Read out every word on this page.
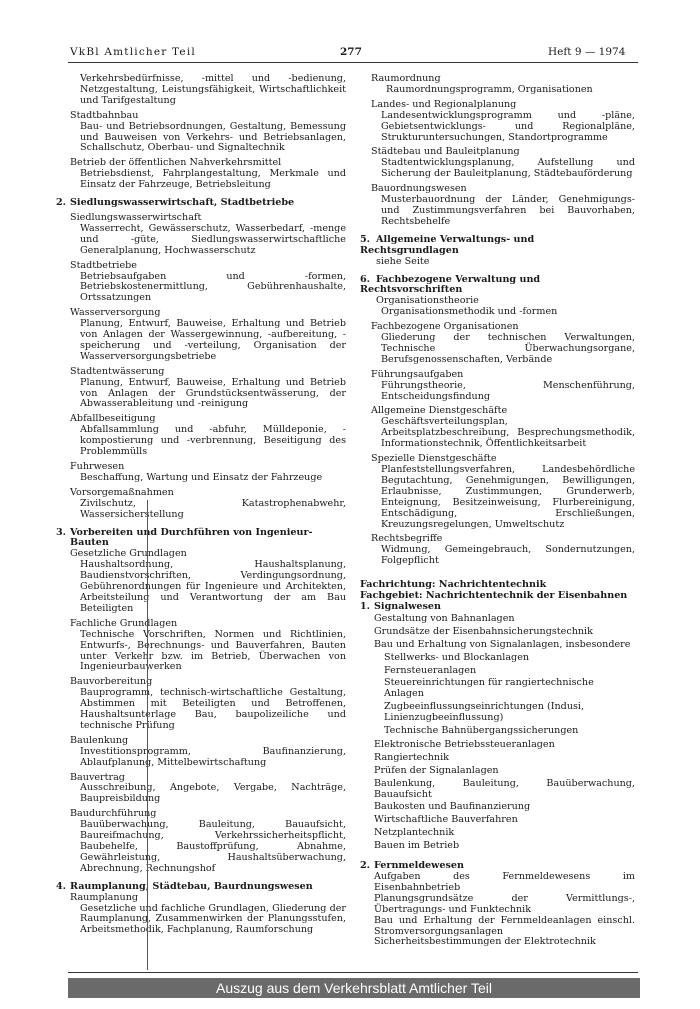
VkBl Amtlicher Teil	277	Heft 9 — 1974
Verkehrsbedürfnisse, -mittel und -bedienung, Netzgestaltung, Leistungsfähigkeit, Wirtschaftlichkeit und Tarifgestaltung
Stadtbahnbau
Bau- und Betriebsordnungen, Gestaltung, Bemessung und Bauweisen von Verkehrs- und Betriebsanlagen, Schallschutz, Oberbau- und Signaltechnik
Betrieb der öffentlichen Nahverkehrsmittel
Betriebsdienst, Fahrplangestaltung, Merkmale und Einsatz der Fahrzeuge, Betriebsleitung
2. Siedlungswasserwirtschaft, Stadtbetriebe
Siedlungswasserwirtschaft
Wasserrecht, Gewässerschutz, Wasserbedarf, -menge und -güte, Siedlungswasserwirtschaftliche Generalplanung, Hochwasserschutz
Stadtbetriebe
Betriebsaufgaben und -formen, Betriebskostenermittlung, Gebührenhaushalte, Ortssatzungen
Wasserversorgung
Planung, Entwurf, Bauweise, Erhaltung und Betrieb von Anlagen der Wassergewinnung, -aufbereitung, -speicherung und -verteilung, Organisation der Wasserversorgungsbetriebe
Stadtentwässerung
Planung, Entwurf, Bauweise, Erhaltung und Betrieb von Anlagen der Grundstücksentwässerung, der Abwasserableitung und -reinigung
Abfallbeseitigung
Abfallsammlung und -abfuhr, Mülldeponie, -kompostierung und -verbrennung, Beseitigung des Problemmülls
Fuhrwesen
Beschaffung, Wartung und Einsatz der Fahrzeuge
Vorsorgemaßnahmen
Zivilschutz, Katastrophenabwehr, Wassersicherstellung
3. Vorbereiten und Durchführen von Ingenieur-Bauten
Gesetzliche Grundlagen
Haushaltsordnung, Haushaltsplanung, Baudienstvorschriften, Verdingungsordnung, Gebührenordnungen für Ingenieure und Architekten, Arbeitsteilung und Verantwortung der am Bau Beteiligten
Fachliche Grundlagen
Technische Vorschriften, Normen und Richtlinien, Entwurfs-, Berechnungs- und Bauverfahren, Bauten unter Verkehr bzw. im Betrieb, Überwachen von Ingenieurbauwerken
Bauvorbereitung
Bauprogramm, technisch-wirtschaftliche Gestaltung, Abstimmen mit Beteiligten und Betroffenen, Haushaltsunterlage Bau, baupolizeiliche und technische Prüfung
Baulenkung
Investitionsprogramm, Baufinanzierung, Ablaufplanung, Mittelbewirtschaftung
Bauvertrag
Ausschreibung, Angebote, Vergabe, Nachträge, Baupreisbildung
Baudurchführung
Bauüberwachung, Bauleitung, Bauaufsicht, Baureifmachung, Verkehrssicherheitspflicht, Baubehelfe, Baustoffprüfung, Abnahme, Gewährleistung, Haushaltsüberwachung, Abrechnung, Rechnungshof
4. Raumplanung, Städtebau, Baurdnungswesen
Raumplanung
Gesetzliche und fachliche Grundlagen, Gliederung der Raumplanung, Zusammenwirken der Planungsstufen, Arbeitsmethodik, Fachplanung, Raumforschung
Raumordnung
Raumordnungsprogramm, Organisationen
Landes- und Regionalplanung
Landesentwicklungsprogramm und -pläne, Gebietsentwicklungs- und Regionalpläne, Strukturuntersuchungen, Standortprogramme
Städtebau und Bauleitplanung
Stadtentwicklungsplanung, Aufstellung und Sicherung der Bauleitplanung, Städtebauförderung
Bauordnungswesen
Musterbauordnung der Länder, Genehmigungs- und Zustimmungsverfahren bei Bauvorhaben, Rechtsbehelfe
5. Allgemeine Verwaltungs- und Rechtsgrundlagen
siehe Seite
6. Fachbezogene Verwaltung und Rechtsvorschriften
Organisationstheorie
Organisationsmethodik und -formen
Fachbezogene Organisationen
Gliederung der technischen Verwaltungen, Technische Überwachungsorgane, Berufsgenossenschaften, Verbände
Führungsaufgaben
Führungstheorie, Menschenführung, Entscheidungsfindung
Allgemeine Dienstgeschäfte
Geschäftsverteilungsplan, Arbeitsplatzbeschreibung, Besprechungsmethodik, Informationstechnik, Öffentlichkeitsarbeit
Spezielle Dienstgeschäfte
Planfeststellungsverfahren, Landesbehördliche Begutachtung, Genehmigungen, Bewilligungen, Erlaubnisse, Zustimmungen, Grunderwerb, Enteignung, Besitzeinweisung, Flurbereinigung, Entschädigung, Erschließungen, Kreuzungsregelungen, Umweltschutz
Rechtsbegriffe
Widmung, Gemeingebrauch, Sondernutzungen, Folgepflicht
Fachrichtung: Nachrichtentechnik
Fachgebiet: Nachrichtentechnik der Eisenbahnen
1. Signalwesen
Gestaltung von Bahnanlagen
Grundsätze der Eisenbahnsicherungstechnik
Bau und Erhaltung von Signalanlagen, insbesondere
Stellwerks- und Blockanlagen
Fernsteueranlagen
Steuereinrichtungen für rangiertechnische Anlagen
Zugbeeinflussungseinrichtungen (Indusi, Linienzugbeeinflussung)
Technische Bahnübergangssicherungen
Elektronische Betriebssteueranlagen
Rangiertechnik
Prüfen der Signalanlagen
Baulenkung, Bauleitung, Bauüberwachung, Bauaufsicht
Baukosten und Baufinanzierung
Wirtschaftliche Bauverfahren
Netzplantechnik
Bauen im Betrieb
2. Fernmeldewesen
Aufgaben des Fernmeldewesens im Eisenbahnbetrieb
Planungsgrundsätze der Vermittlungs-, Übertragungs- und Funktechnik
Bau und Erhaltung der Fernmeldeanlagen einschl. Stromversorgungsanlagen
Sicherheitsbestimmungen der Elektrotechnik
Auszug aus dem Verkehrsblatt Amtlicher Teil
